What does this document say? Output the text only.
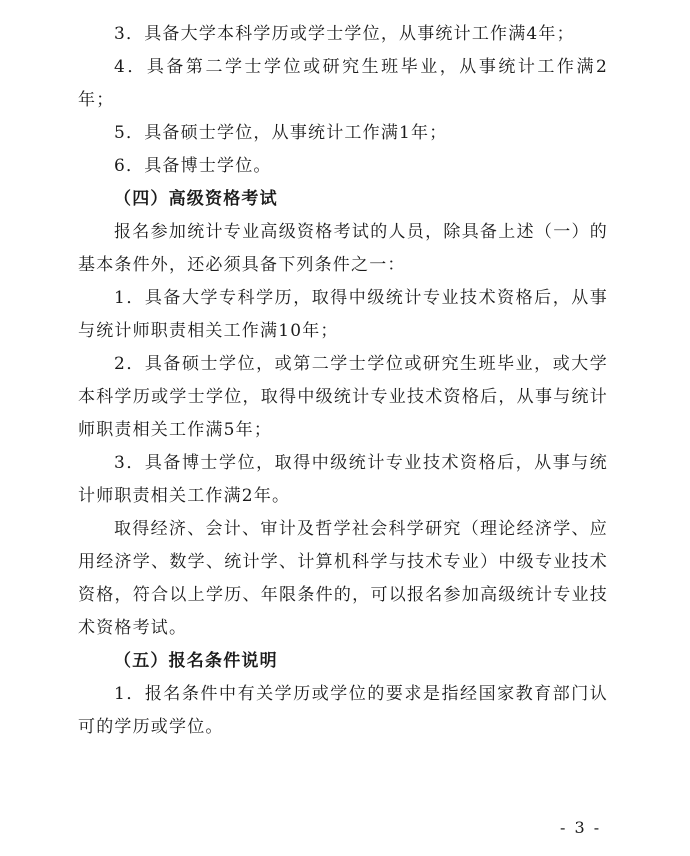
3．具备大学本科学历或学士学位，从事统计工作满4年；

4．具备第二学士学位或研究生班毕业，从事统计工作满2年；

5．具备硕士学位，从事统计工作满1年；

6．具备博士学位。

（四）高级资格考试

报名参加统计专业高级资格考试的人员，除具备上述（一）的基本条件外，还必须具备下列条件之一：

1．具备大学专科学历，取得中级统计专业技术资格后，从事与统计师职责相关工作满10年；

2．具备硕士学位，或第二学士学位或研究生班毕业，或大学本科学历或学士学位，取得中级统计专业技术资格后，从事与统计师职责相关工作满5年；

3．具备博士学位，取得中级统计专业技术资格后，从事与统计师职责相关工作满2年。

取得经济、会计、审计及哲学社会科学研究（理论经济学、应用经济学、数学、统计学、计算机科学与技术专业）中级专业技术资格，符合以上学历、年限条件的，可以报名参加高级统计专业技术资格考试。

（五）报名条件说明

1．报名条件中有关学历或学位的要求是指经国家教育部门认可的学历或学位。

- 3 -
